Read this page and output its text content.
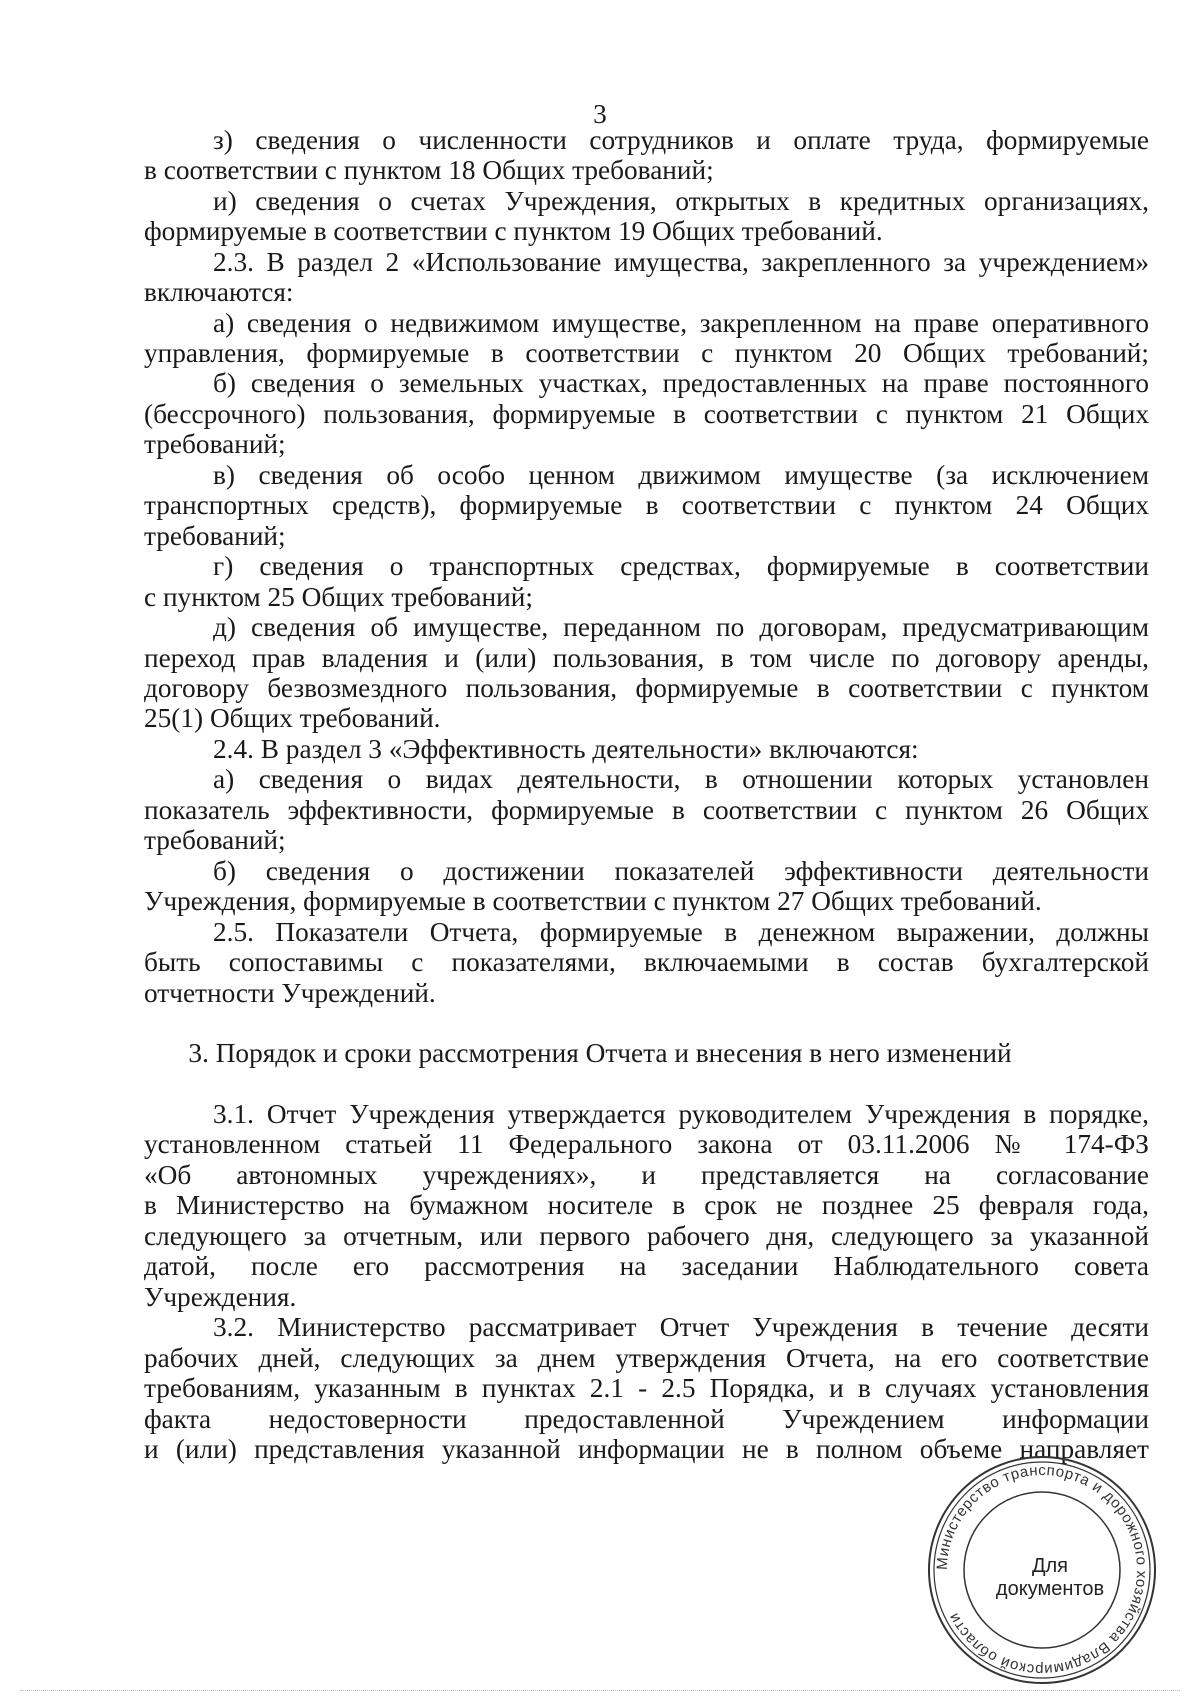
3
з) сведения о численности сотрудников и оплате труда, формируемые
в соответствии с пунктом 18 Общих требований;
и) сведения о счетах Учреждения, открытых в кредитных организациях,
формируемые в соответствии с пунктом 19 Общих требований.
2.3. В раздел 2 «Использование имущества, закрепленного за учреждением»
включаются:
а) сведения о недвижимом имуществе, закрепленном на праве оперативного
управления, формируемые в соответствии с пунктом 20 Общих требований;
б) сведения о земельных участках, предоставленных на праве постоянного
(бессрочного) пользования, формируемые в соответствии с пунктом 21 Общих
требований;
в) сведения об особо ценном движимом имуществе (за исключением
транспортных средств), формируемые в соответствии с пунктом 24 Общих
требований;
г) сведения о транспортных средствах, формируемые в соответствии
с пунктом 25 Общих требований;
д) сведения об имуществе, переданном по договорам, предусматривающим
переход прав владения и (или) пользования, в том числе по договору аренды,
договору безвозмездного пользования, формируемые в соответствии с пунктом
25(1) Общих требований.
2.4. В раздел 3 «Эффективность деятельности» включаются:
а) сведения о видах деятельности, в отношении которых установлен
показатель эффективности, формируемые в соответствии с пунктом 26 Общих
требований;
б) сведения о достижении показателей эффективности деятельности
Учреждения, формируемые в соответствии с пунктом 27 Общих требований.
2.5. Показатели Отчета, формируемые в денежном выражении, должны
быть сопоставимы с показателями, включаемыми в состав бухгалтерской
отчетности Учреждений.
3. Порядок и сроки рассмотрения Отчета и внесения в него изменений
3.1. Отчет Учреждения утверждается руководителем Учреждения в порядке,
установленном статьей 11 Федерального закона от 03.11.2006 № 174-ФЗ
«Об автономных учреждениях», и представляется на согласование
в Министерство на бумажном носителе в срок не позднее 25 февраля года,
следующего за отчетным, или первого рабочего дня, следующего за указанной
датой, после его рассмотрения на заседании Наблюдательного совета
Учреждения.
3.2. Министерство рассматривает Отчет Учреждения в течение десяти
рабочих дней, следующих за днем утверждения Отчета, на его соответствие
требованиям, указанным в пунктах 2.1 - 2.5 Порядка, и в случаях установления
факта недостоверности предоставленной Учреждением информации
и (или) представления указанной информации не в полном объеме направляет
Министерство транспорта и дорожного хозяйства Владимирской области
Для документов
